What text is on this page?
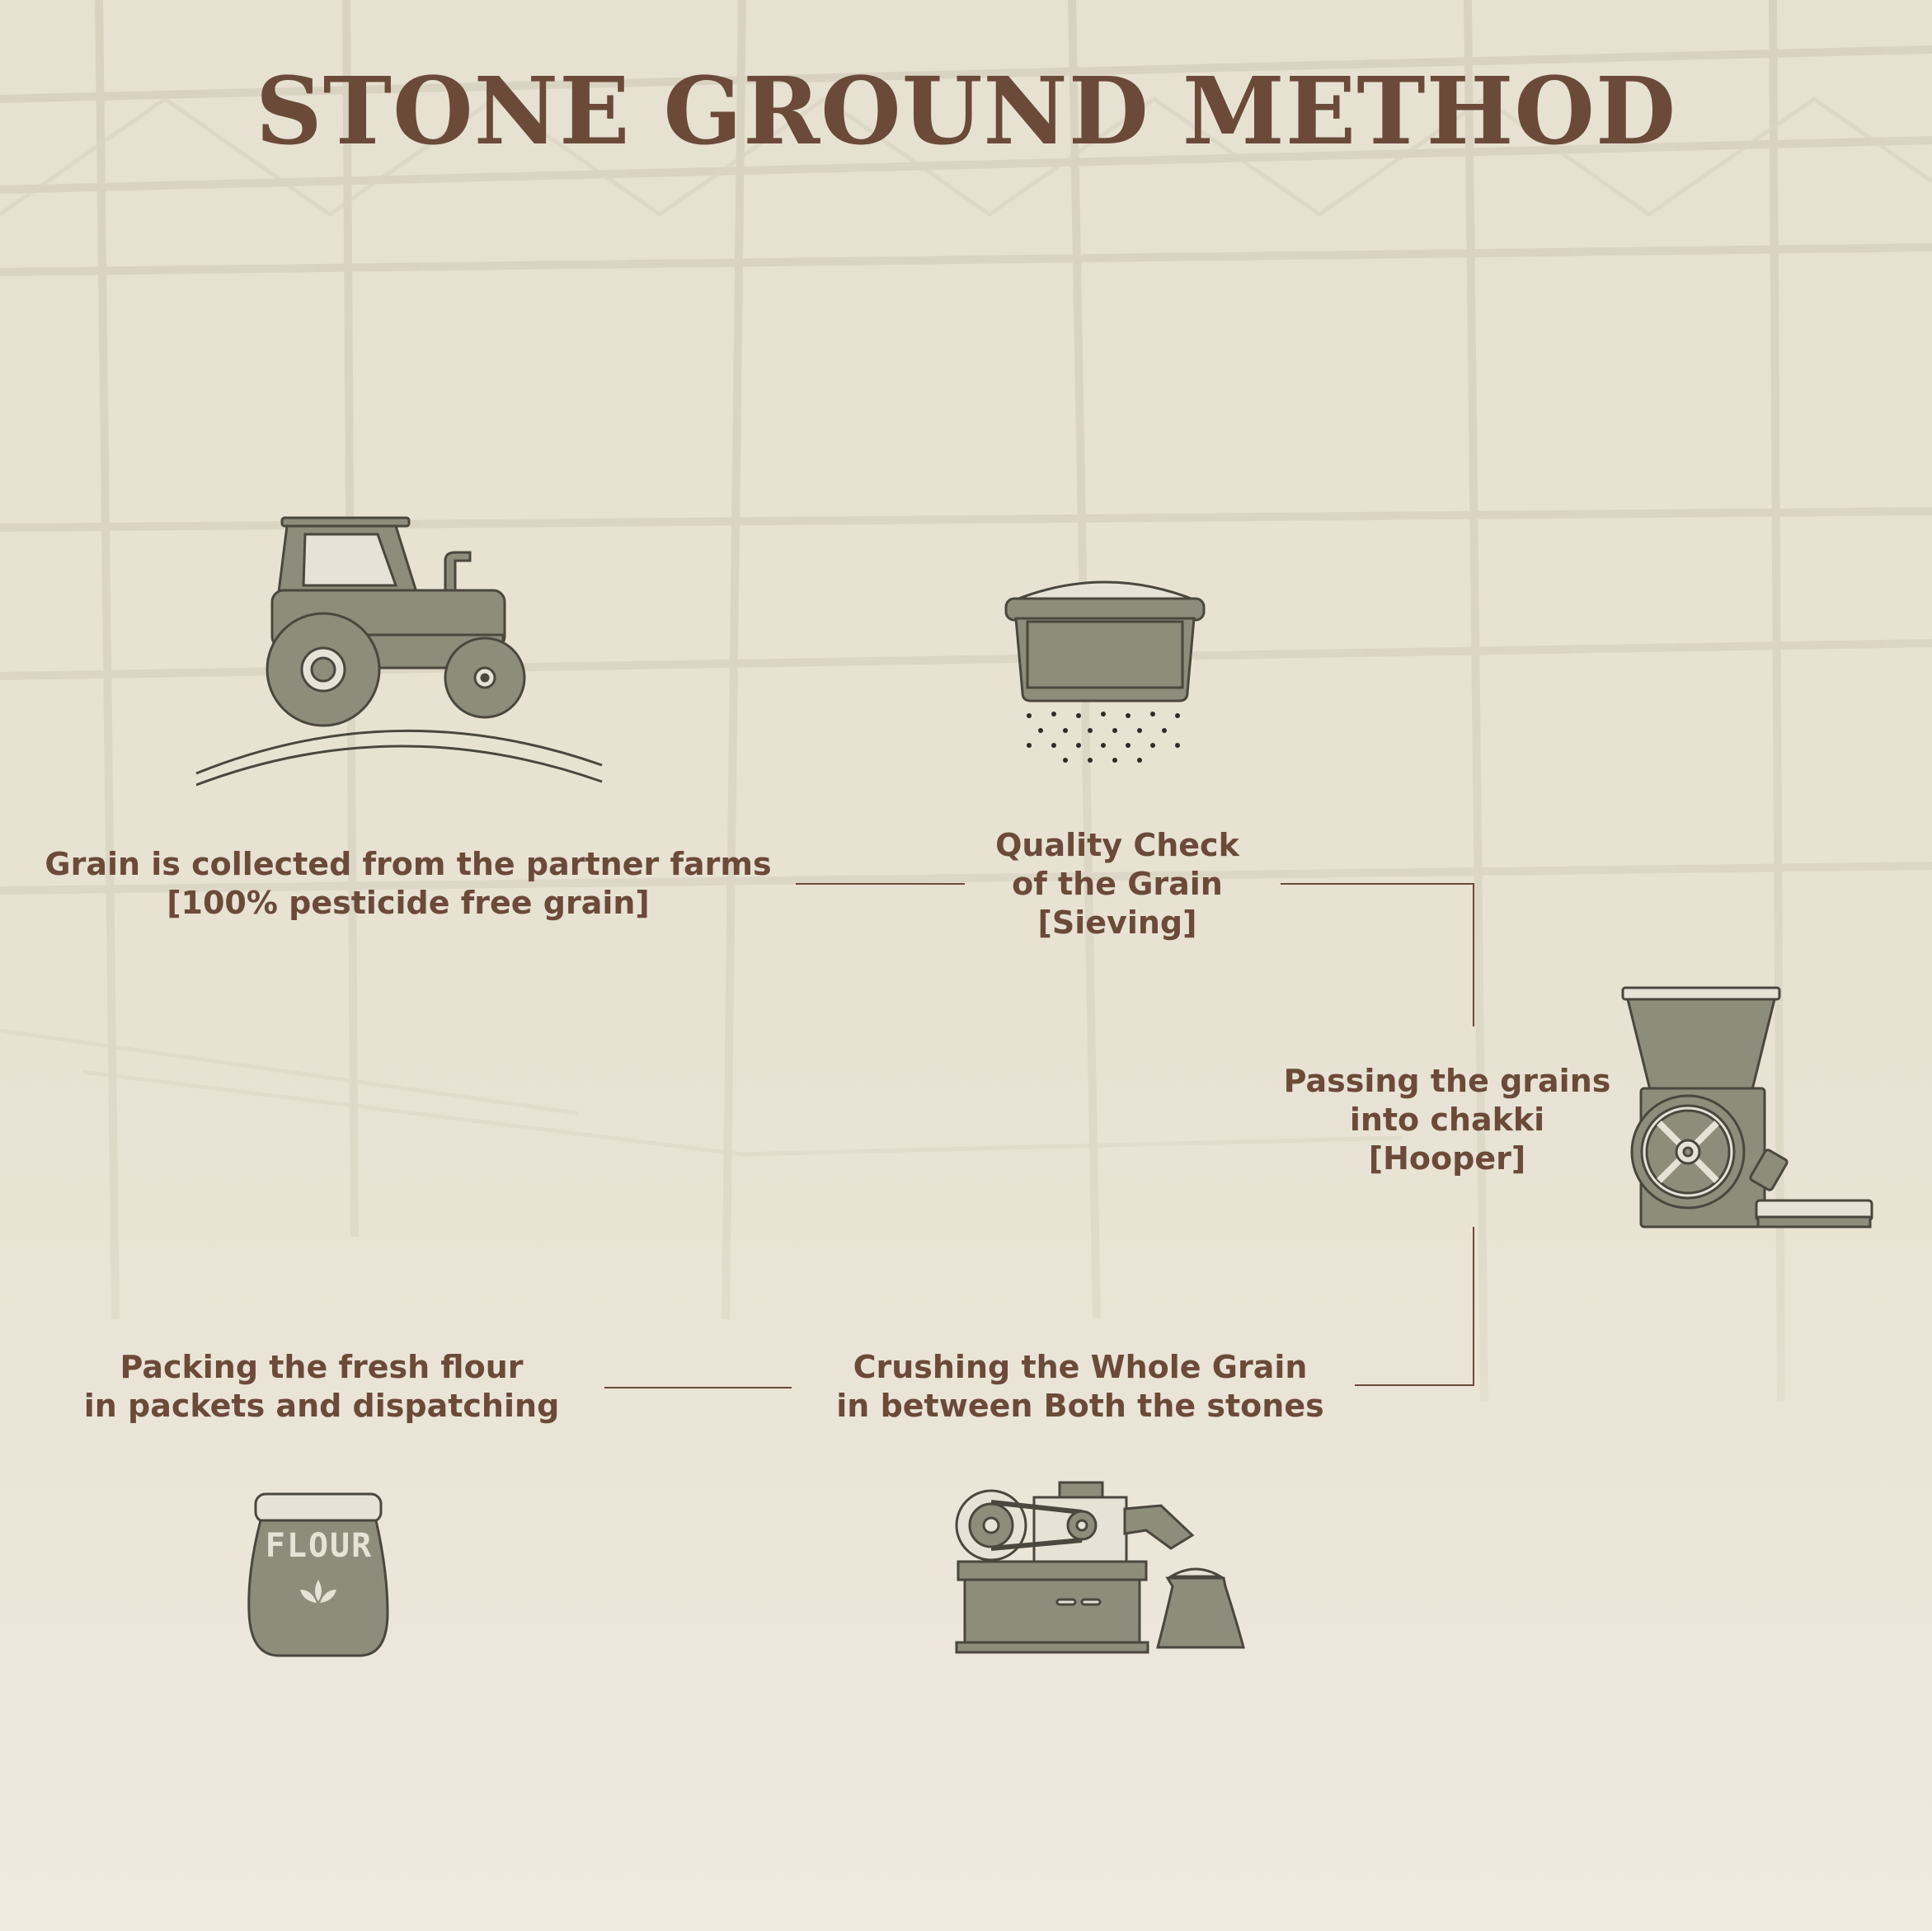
STONE GROUND METHOD
Grain is collected from the partner farms
[100% pesticide free grain]
Quality Check
of the Grain
[Sieving]
Passing the grains
into chakki
[Hooper]
Crushing the Whole Grain
in between Both the stones
Packing the fresh flour
in packets and dispatching
FLOUR
